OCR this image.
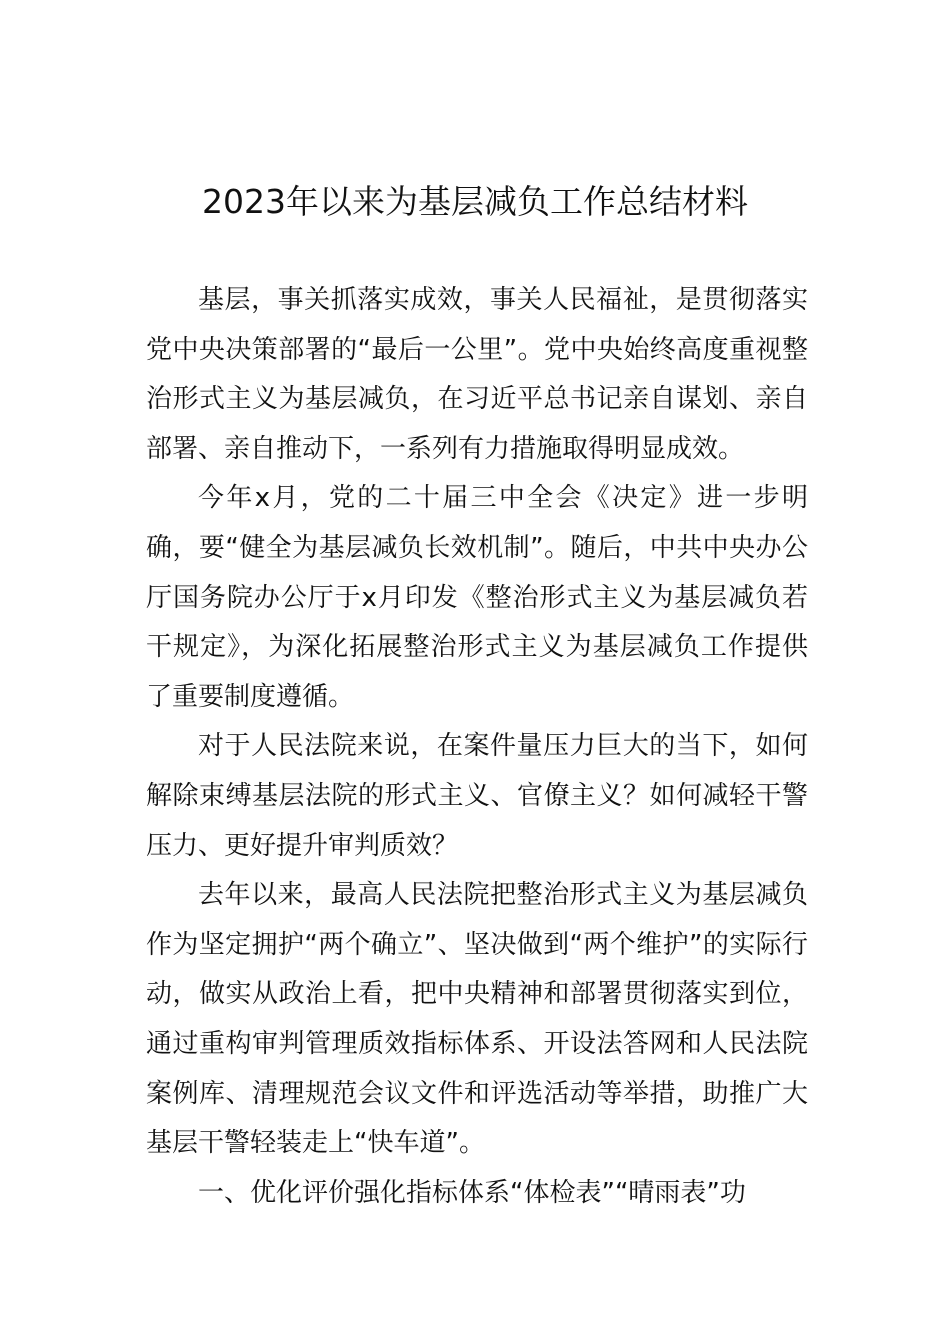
2023年以来为基层减负工作总结材料

基层，事关抓落实成效，事关人民福祉，是贯彻落实党中央决策部署的“最后一公里”。党中央始终高度重视整治形式主义为基层减负，在习近平总书记亲自谋划、亲自部署、亲自推动下，一系列有力措施取得明显成效。

今年x月，党的二十届三中全会《决定》进一步明确，要“健全为基层减负长效机制”。随后，中共中央办公厅国务院办公厅于x月印发《整治形式主义为基层减负若干规定》，为深化拓展整治形式主义为基层减负工作提供了重要制度遵循。

对于人民法院来说，在案件量压力巨大的当下，如何解除束缚基层法院的形式主义、官僚主义？如何减轻干警压力、更好提升审判质效？

去年以来，最高人民法院把整治形式主义为基层减负作为坚定拥护“两个确立”、坚决做到“两个维护”的实际行动，做实从政治上看，把中央精神和部署贯彻落实到位，通过重构审判管理质效指标体系、开设法答网和人民法院案例库、清理规范会议文件和评选活动等举措，助推广大基层干警轻装走上“快车道”。

一、优化评价强化指标体系“体检表”“晴雨表”功
